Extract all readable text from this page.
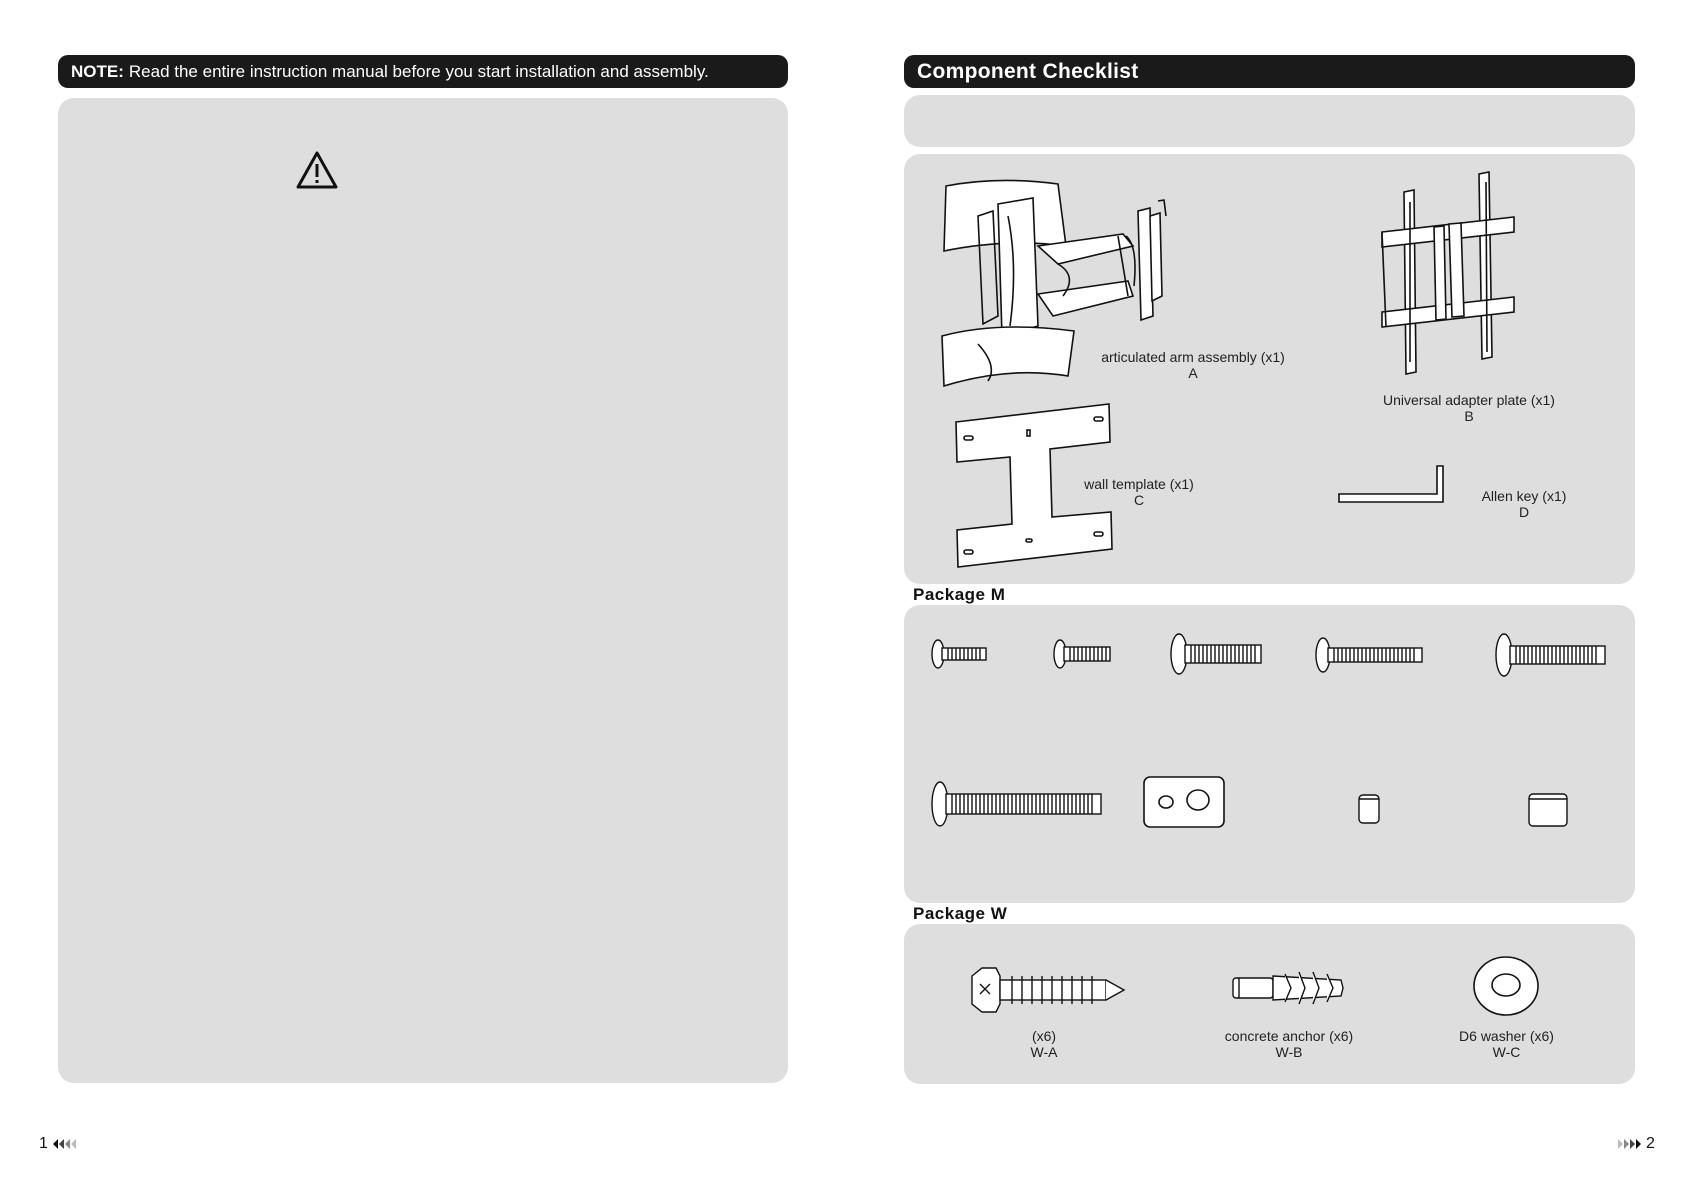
NOTE: Read the entire instruction manual before you start installation and assembly.	Component Checklist
articulated arm assembly (x1)
A
Universal adapter plate (x1)
B
wall template (x1)
C	Allen key (x1)
D
Package M
Package W
(x6)
W-A
concrete anchor (x6)
W-B
D6 washer (x6)
W-C
1	2
